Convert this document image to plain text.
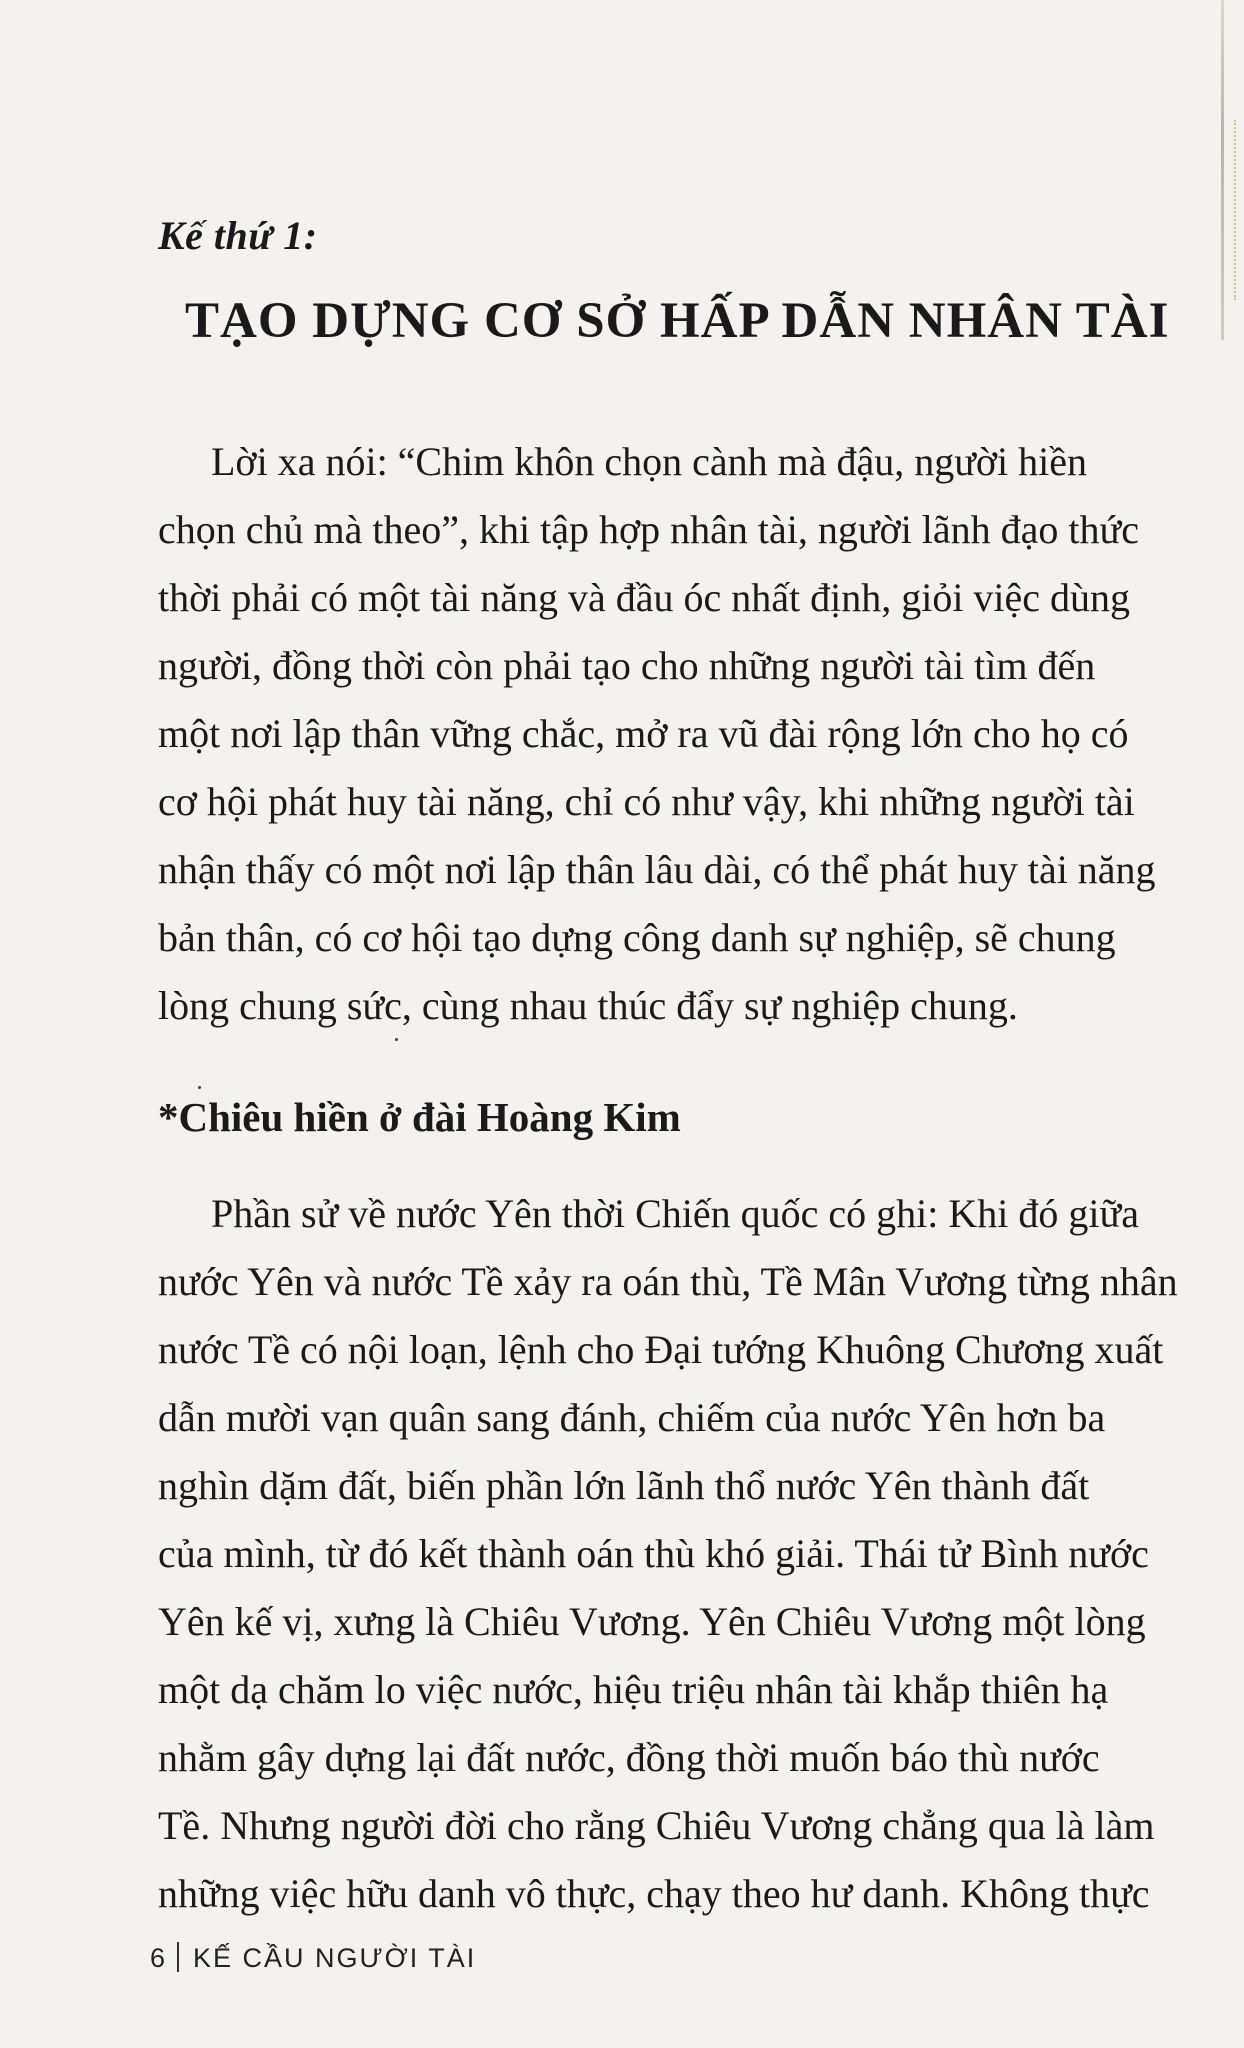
Kế thứ 1:
TẠO DỰNG CƠ SỞ HẤP DẪN NHÂN TÀI
Lời xa nói: “Chim khôn chọn cành mà đậu, người hiền
chọn chủ mà theo”, khi tập hợp nhân tài, người lãnh đạo thức
thời phải có một tài năng và đầu óc nhất định, giỏi việc dùng
người, đồng thời còn phải tạo cho những người tài tìm đến
một nơi lập thân vững chắc, mở ra vũ đài rộng lớn cho họ có
cơ hội phát huy tài năng, chỉ có như vậy, khi những người tài
nhận thấy có một nơi lập thân lâu dài, có thể phát huy tài năng
bản thân, có cơ hội tạo dựng công danh sự nghiệp, sẽ chung
lòng chung sức, cùng nhau thúc đẩy sự nghiệp chung.
*Chiêu hiền ở đài Hoàng Kim
Phần sử về nước Yên thời Chiến quốc có ghi: Khi đó giữa
nước Yên và nước Tề xảy ra oán thù, Tề Mân Vương từng nhân
nước Tề có nội loạn, lệnh cho Đại tướng Khuông Chương xuất
dẫn mười vạn quân sang đánh, chiếm của nước Yên hơn ba
nghìn dặm đất, biến phần lớn lãnh thổ nước Yên thành đất
của mình, từ đó kết thành oán thù khó giải. Thái tử Bình nước
Yên kế vị, xưng là Chiêu Vương. Yên Chiêu Vương một lòng
một dạ chăm lo việc nước, hiệu triệu nhân tài khắp thiên hạ
nhằm gây dựng lại đất nước, đồng thời muốn báo thù nước
Tề. Nhưng người đời cho rằng Chiêu Vương chẳng qua là làm
những việc hữu danh vô thực, chạy theo hư danh. Không thực
6 KẾ CẦU NGƯỜI TÀI
